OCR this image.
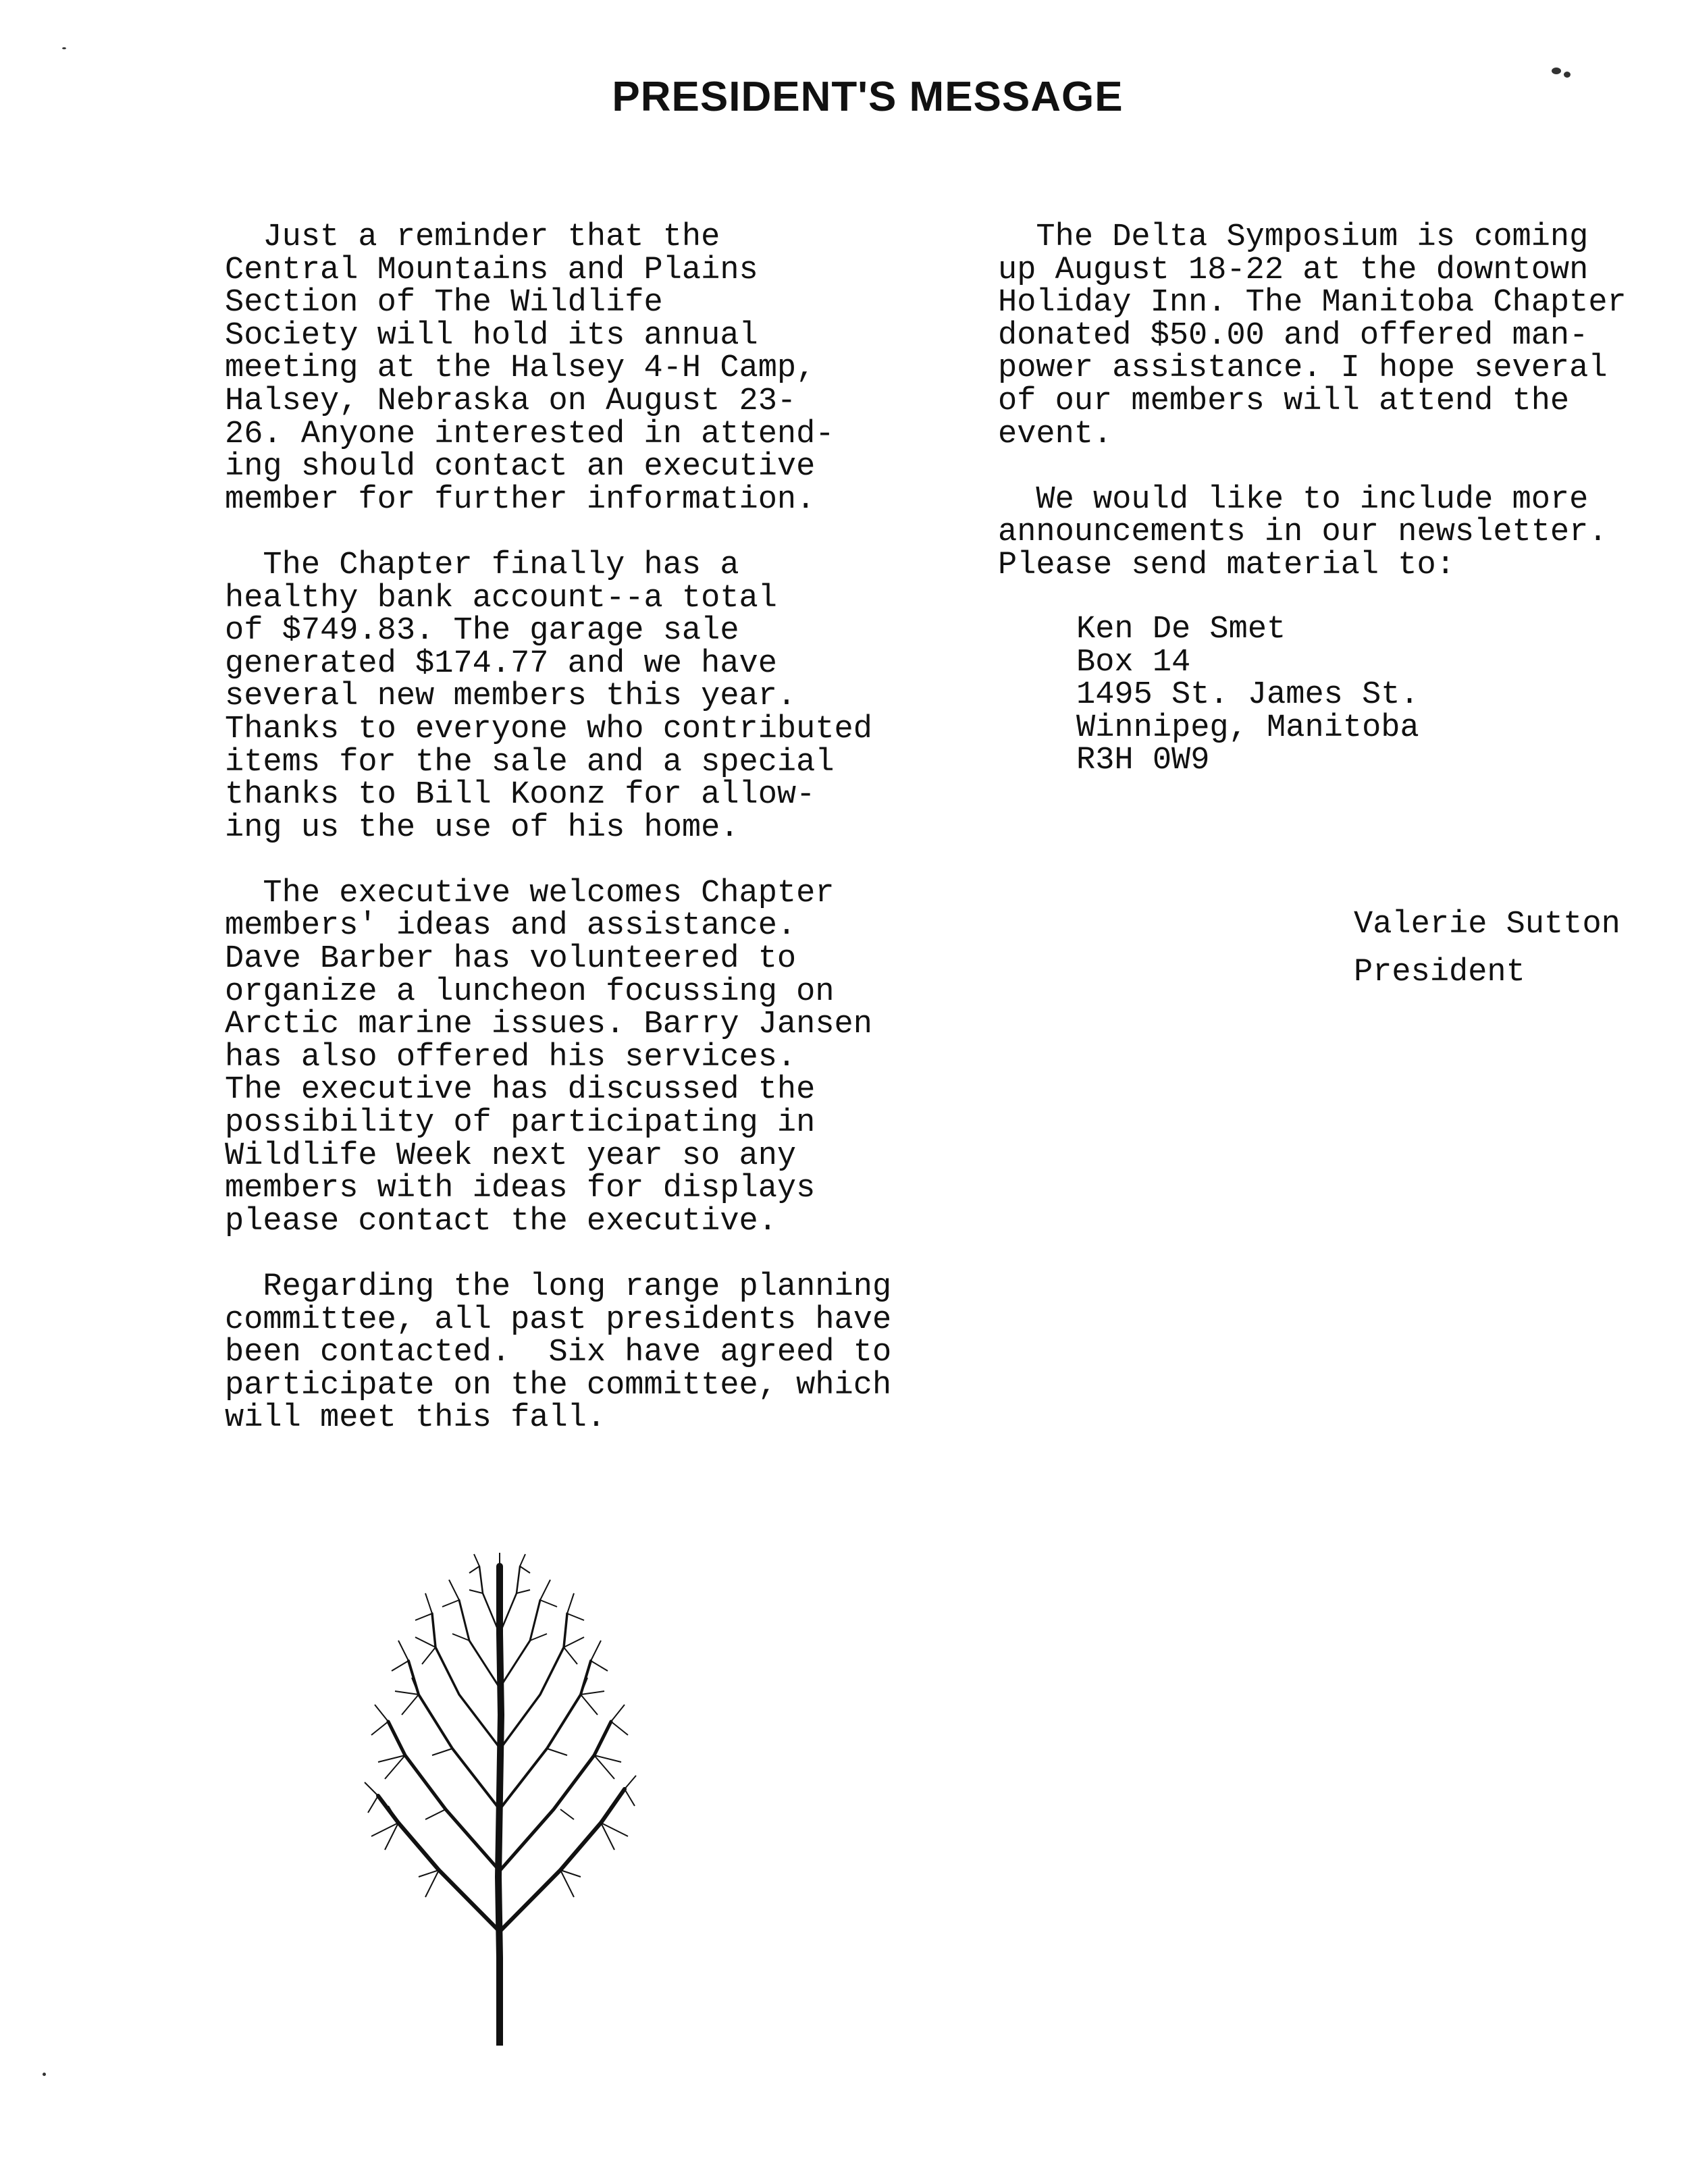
PRESIDENT'S MESSAGE

Just a reminder that the
Central Mountains and Plains
Section of The Wildlife
Society will hold its annual
meeting at the Halsey 4-H Camp,
Halsey, Nebraska on August 23-
26. Anyone interested in attend-
ing should contact an executive
member for further information.

The Chapter finally has a
healthy bank account--a total
of $749.83. The garage sale
generated $174.77 and we have
several new members this year.
Thanks to everyone who contributed
items for the sale and a special
thanks to Bill Koonz for allow-
ing us the use of his home.

The executive welcomes Chapter
members' ideas and assistance.
Dave Barber has volunteered to
organize a luncheon focussing on
Arctic marine issues. Barry Jansen
has also offered his services.
The executive has discussed the
possibility of participating in
Wildlife Week next year so any
members with ideas for displays
please contact the executive.

Regarding the long range planning
committee, all past presidents have
been contacted.  Six have agreed to
participate on the committee, which
will meet this fall.

The Delta Symposium is coming
up August 18-22 at the downtown
Holiday Inn. The Manitoba Chapter
donated $50.00 and offered man-
power assistance. I hope several
of our members will attend the
event.

We would like to include more
announcements in our newsletter.
Please send material to:

Ken De Smet
Box 14
1495 St. James St.
Winnipeg, Manitoba
R3H 0W9
Valerie Sutton
President
